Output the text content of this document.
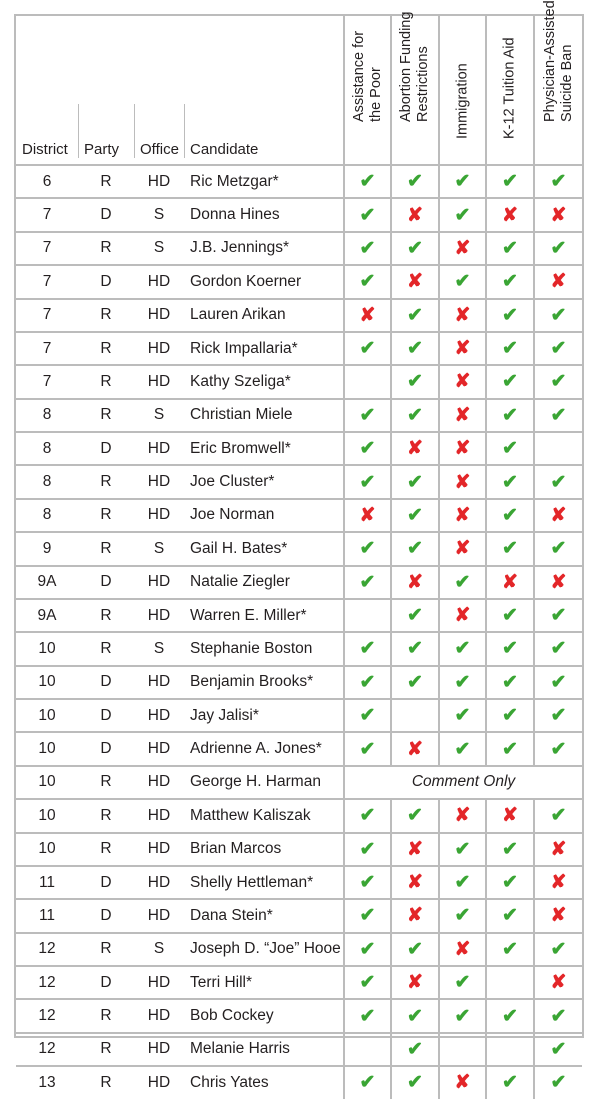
District	Party	Office	Candidate	Assistance for the Poor	Abortion Funding Restrictions	Immigration	K-12 Tuition Aid	Physician-Assisted Suicide Ban

6	R	HD	Ric Metzgar*	✔	✔	✔	✔	✔
7	D	S	Donna Hines	✔	✘	✔	✘	✘
7	R	S	J.B. Jennings*	✔	✔	✘	✔	✔
7	D	HD	Gordon Koerner	✔	✘	✔	✔	✘
7	R	HD	Lauren Arikan	✘	✔	✘	✔	✔
7	R	HD	Rick Impallaria*	✔	✔	✘	✔	✔
7	R	HD	Kathy Szeliga*		✔	✘	✔	✔
8	R	S	Christian Miele	✔	✔	✘	✔	✔
8	D	HD	Eric Bromwell*	✔	✘	✘	✔	
8	R	HD	Joe Cluster*	✔	✔	✘	✔	✔
8	R	HD	Joe Norman	✘	✔	✘	✔	✘
9	R	S	Gail H. Bates*	✔	✔	✘	✔	✔
9A	D	HD	Natalie Ziegler	✔	✘	✔	✘	✘
9A	R	HD	Warren E. Miller*		✔	✘	✔	✔
10	R	S	Stephanie Boston	✔	✔	✔	✔	✔
10	D	HD	Benjamin Brooks*	✔	✔	✔	✔	✔
10	D	HD	Jay Jalisi*	✔		✔	✔	✔
10	D	HD	Adrienne A. Jones*	✔	✘	✔	✔	✔
10	R	HD	George H. Harman	Comment Only				
10	R	HD	Matthew Kaliszak	✔	✔	✘	✘	✔
10	R	HD	Brian Marcos	✔	✘	✔	✔	✘
11	D	HD	Shelly Hettleman*	✔	✘	✔	✔	✘
11	D	HD	Dana Stein*	✔	✘	✔	✔	✘
12	R	S	Joseph D. “Joe” Hooe	✔	✔	✘	✔	✔
12	D	HD	Terri Hill*	✔	✘	✔		✘
12	R	HD	Bob Cockey	✔	✔	✔	✔	✔
12	R	HD	Melanie Harris		✔			✔
13	R	HD	Chris Yates	✔	✔	✘	✔	✔
